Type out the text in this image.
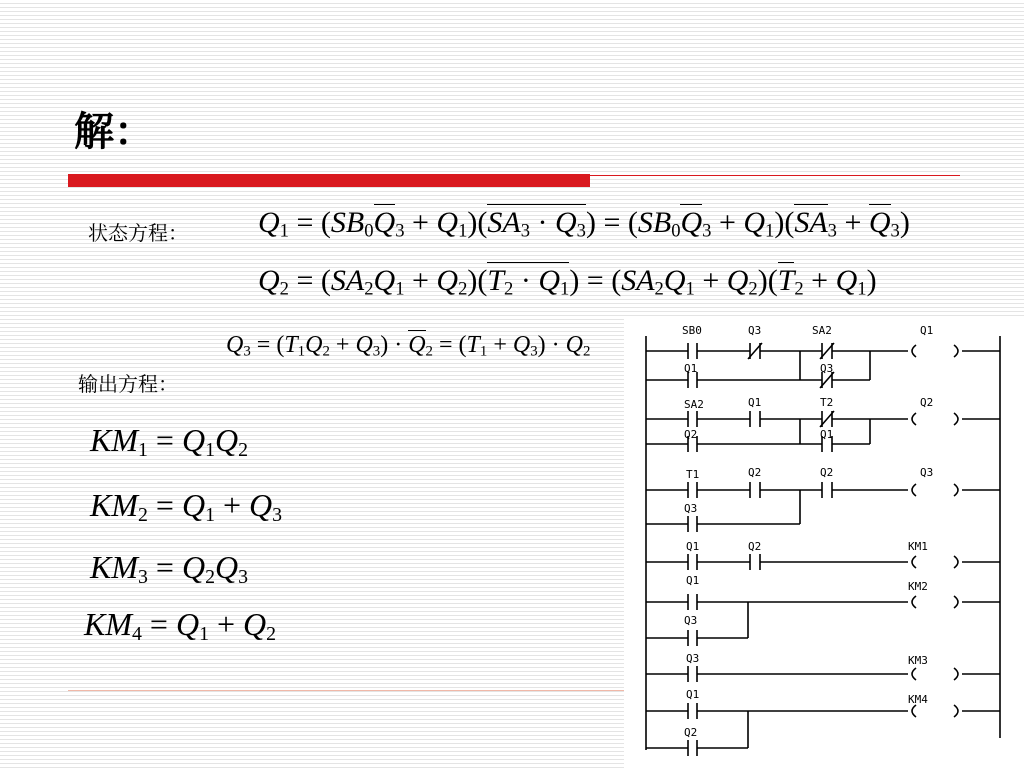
解：
状态方程： $Q_1 = (SB_0Q_3 + Q_1)(SA_3 \cdot Q_3) = (SB_0Q_3 + Q_1)(SA_3 + Q_3)$
$Q_2 = (SA_2Q_1 + Q_2)(T_2 \cdot Q_1) = (SA_2Q_1 + Q_2)(T_2 + Q_1)$
$Q_3 = (T_1Q_2 + Q_3) \cdot Q_2 = (T_1 + Q_3) \cdot Q_2$
输出方程：
$KM_1 = Q_1Q_2$
$KM_2 = Q_1 + Q_3$
$KM_3 = Q_2Q_3$
$KM_4 = Q_1 + Q_2$
SB0	Q3	SA2	Q1
Q1	Q3
SA2	Q1	T2	Q2
Q2	Q1
T1	Q2	Q2	Q3
Q3
Q1	Q2	KM1
Q1	KM2
Q3
Q3	KM3
Q1	KM4
Q2
